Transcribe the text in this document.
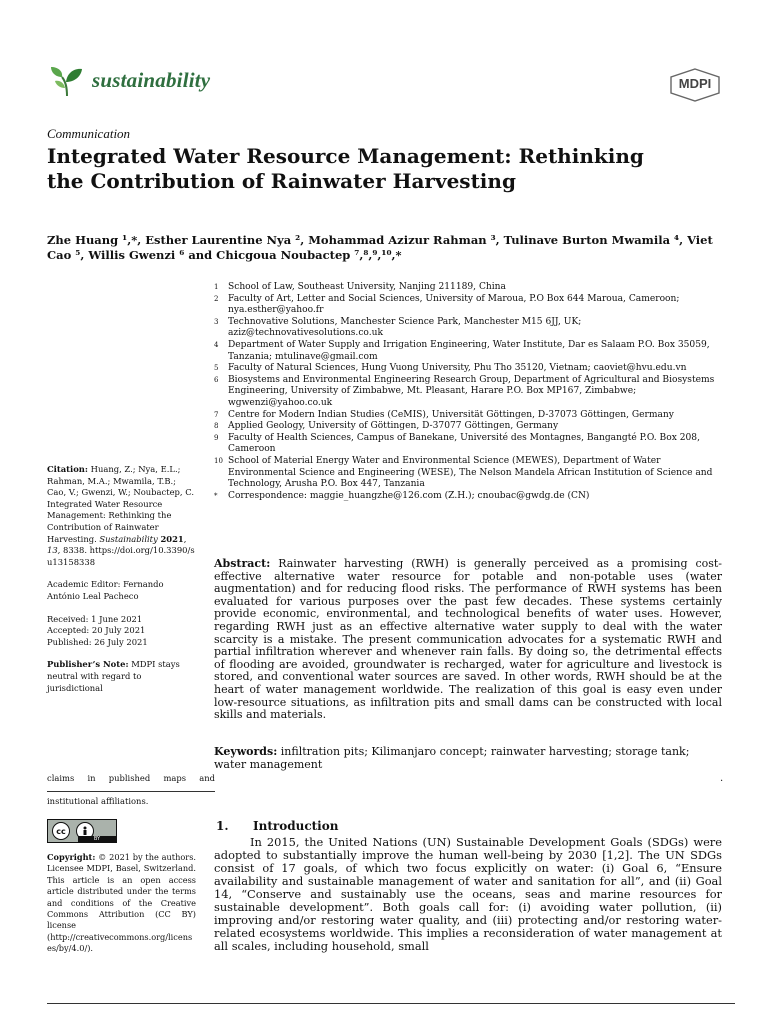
sustainability	MDPI
Communication
Integrated Water Resource Management: Rethinking the Contribution of Rainwater Harvesting
Zhe Huang ¹,*, Esther Laurentine Nya ², Mohammad Azizur Rahman ³, Tulinave Burton Mwamila ⁴, Viet Cao ⁵, Willis Gwenzi ⁶ and Chicgoua Noubactep ⁷,⁸,⁹,¹⁰,*
1	School of Law, Southeast University, Nanjing 211189, China
2	Faculty of Art, Letter and Social Sciences, University of Maroua, P.O Box 644 Maroua, Cameroon; nya.esther@yahoo.fr
3	Technovative Solutions, Manchester Science Park, Manchester M15 6JJ, UK; aziz@technovativesolutions.co.uk
4	Department of Water Supply and Irrigation Engineering, Water Institute, Dar es Salaam P.O. Box 35059, Tanzania; mtulinave@gmail.com
5	Faculty of Natural Sciences, Hung Vuong University, Phu Tho 35120, Vietnam; caoviet@hvu.edu.vn
6	Biosystems and Environmental Engineering Research Group, Department of Agricultural and Biosystems Engineering, University of Zimbabwe, Mt. Pleasant, Harare P.O. Box MP167, Zimbabwe; wgwenzi@yahoo.co.uk
7	Centre for Modern Indian Studies (CeMIS), Universität Göttingen, D-37073 Göttingen, Germany
8	Applied Geology, University of Göttingen, D-37077 Göttingen, Germany
9	Faculty of Health Sciences, Campus of Banekane, Université des Montagnes, Bangangté P.O. Box 208, Cameroon
10 School of Material Energy Water and Environmental Science (MEWES), Department of Water Environmental Science and Engineering (WESE), The Nelson Mandela African Institution of Science and Technology, Arusha P.O. Box 447, Tanzania
*	Correspondence: maggie_huangzhe@126.com (Z.H.); cnoubac@gwdg.de (CN)

Citation: Huang, Z.; Nya, E.L.; Rahman, M.A.; Mwamila, T.B.; Cao, V.; Gwenzi, W.; Noubactep, C. Integrated Water Resource Management: Rethinking the Contribution of Rainwater Harvesting. Sustainability 2021, 13, 8338. https://doi.org/10.3390/su13158338

Academic Editor: Fernando António Leal Pacheco

Received: 1 June 2021
Accepted: 20 July 2021
Published: 26 July 2021

Publisher’s Note: MDPI stays neutral with regard to jurisdictional

claims in published maps and
institutional affiliations.
cc
BY
Copyright: © 2021 by the authors. Licensee MDPI, Basel, Switzerland. This article is an open access article distributed under the terms and conditions of the Creative Commons Attribution (CC BY) license (http://creativecommons.org/licenses/by/4.0/).

Abstract: Rainwater harvesting (RWH) is generally perceived as a promising cost-effective alternative water resource for potable and non-potable uses (water augmentation) and for reducing flood risks. The performance of RWH systems has been evaluated for various purposes over the past few decades. These systems certainly provide economic, environmental, and technological benefits of water uses. However, regarding RWH just as an effective alternative water supply to deal with the water scarcity is a mistake. The present communication advocates for a systematic RWH and partial infiltration wherever and whenever rain falls. By doing so, the detrimental effects of flooding are avoided, groundwater is recharged, water for agriculture and livestock is stored, and conventional water sources are saved. In other words, RWH should be at the heart of water management worldwide. The realization of this goal is easy even under low-resource situations, as infiltration pits and small dams can be constructed with local skills and materials.

Keywords: infiltration pits; Kilimanjaro concept; rainwater harvesting; storage tank; water management

.
1. Introduction

In 2015, the United Nations (UN) Sustainable Development Goals (SDGs) were adopted to substantially improve the human well-being by 2030 [1,2]. The UN SDGs consist of 17 goals, of which two focus explicitly on water: (i) Goal 6, “Ensure availability and sustainable management of water and sanitation for all”, and (ii) Goal 14, “Conserve and sustainably use the oceans, seas and marine resources for sustainable development”. Both goals call for: (i) avoiding water pollution, (ii) improving and/or restoring water quality, and (iii) protecting and/or restoring water-related ecosystems worldwide. This implies a reconsideration of water management at all scales, including household, small
